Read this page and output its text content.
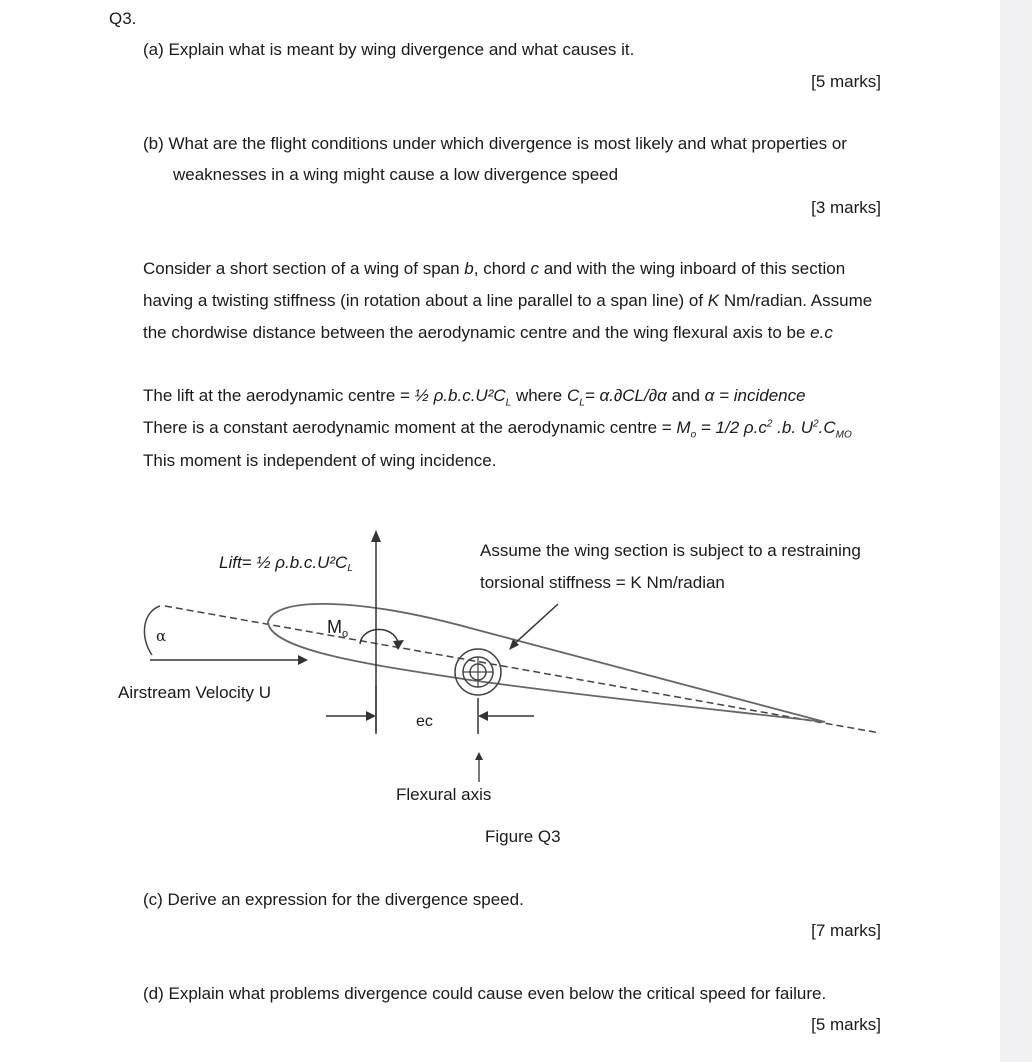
Q3.
(a) Explain what is meant by wing divergence and what causes it.
[5 marks]
(b) What are the flight conditions under which divergence is most likely and what properties or
weaknesses in a wing might cause a low divergence speed
[3 marks]
Consider a short section of a wing of span b, chord c and with the wing inboard of this section
having a twisting stiffness (in rotation about a line parallel to a span line) of K Nm/radian. Assume
the chordwise distance between the aerodynamic centre and the wing flexural axis to be e.c
The lift at the aerodynamic centre = ½ $\rho.b.c.U^2C_L$ where $C_L= \alpha.\partial CL/\partial\alpha$ and α = incidence
There is a constant aerodynamic moment at the aerodynamic centre = $M_o = 1/2$ $\rho.c^2$ .b. $U^2.C_{MO}$
This moment is independent of wing incidence.
Lift= ½ ρ.b.c.U²CL
Assume the wing section is subject to a restraining
torsional stiffness = K Nm/radian
α	$M_o$
Airstream Velocity U
ec
Flexural axis
Figure Q3
(c) Derive an expression for the divergence speed.
[7 marks]
(d) Explain what problems divergence could cause even below the critical speed for failure.
[5 marks]
